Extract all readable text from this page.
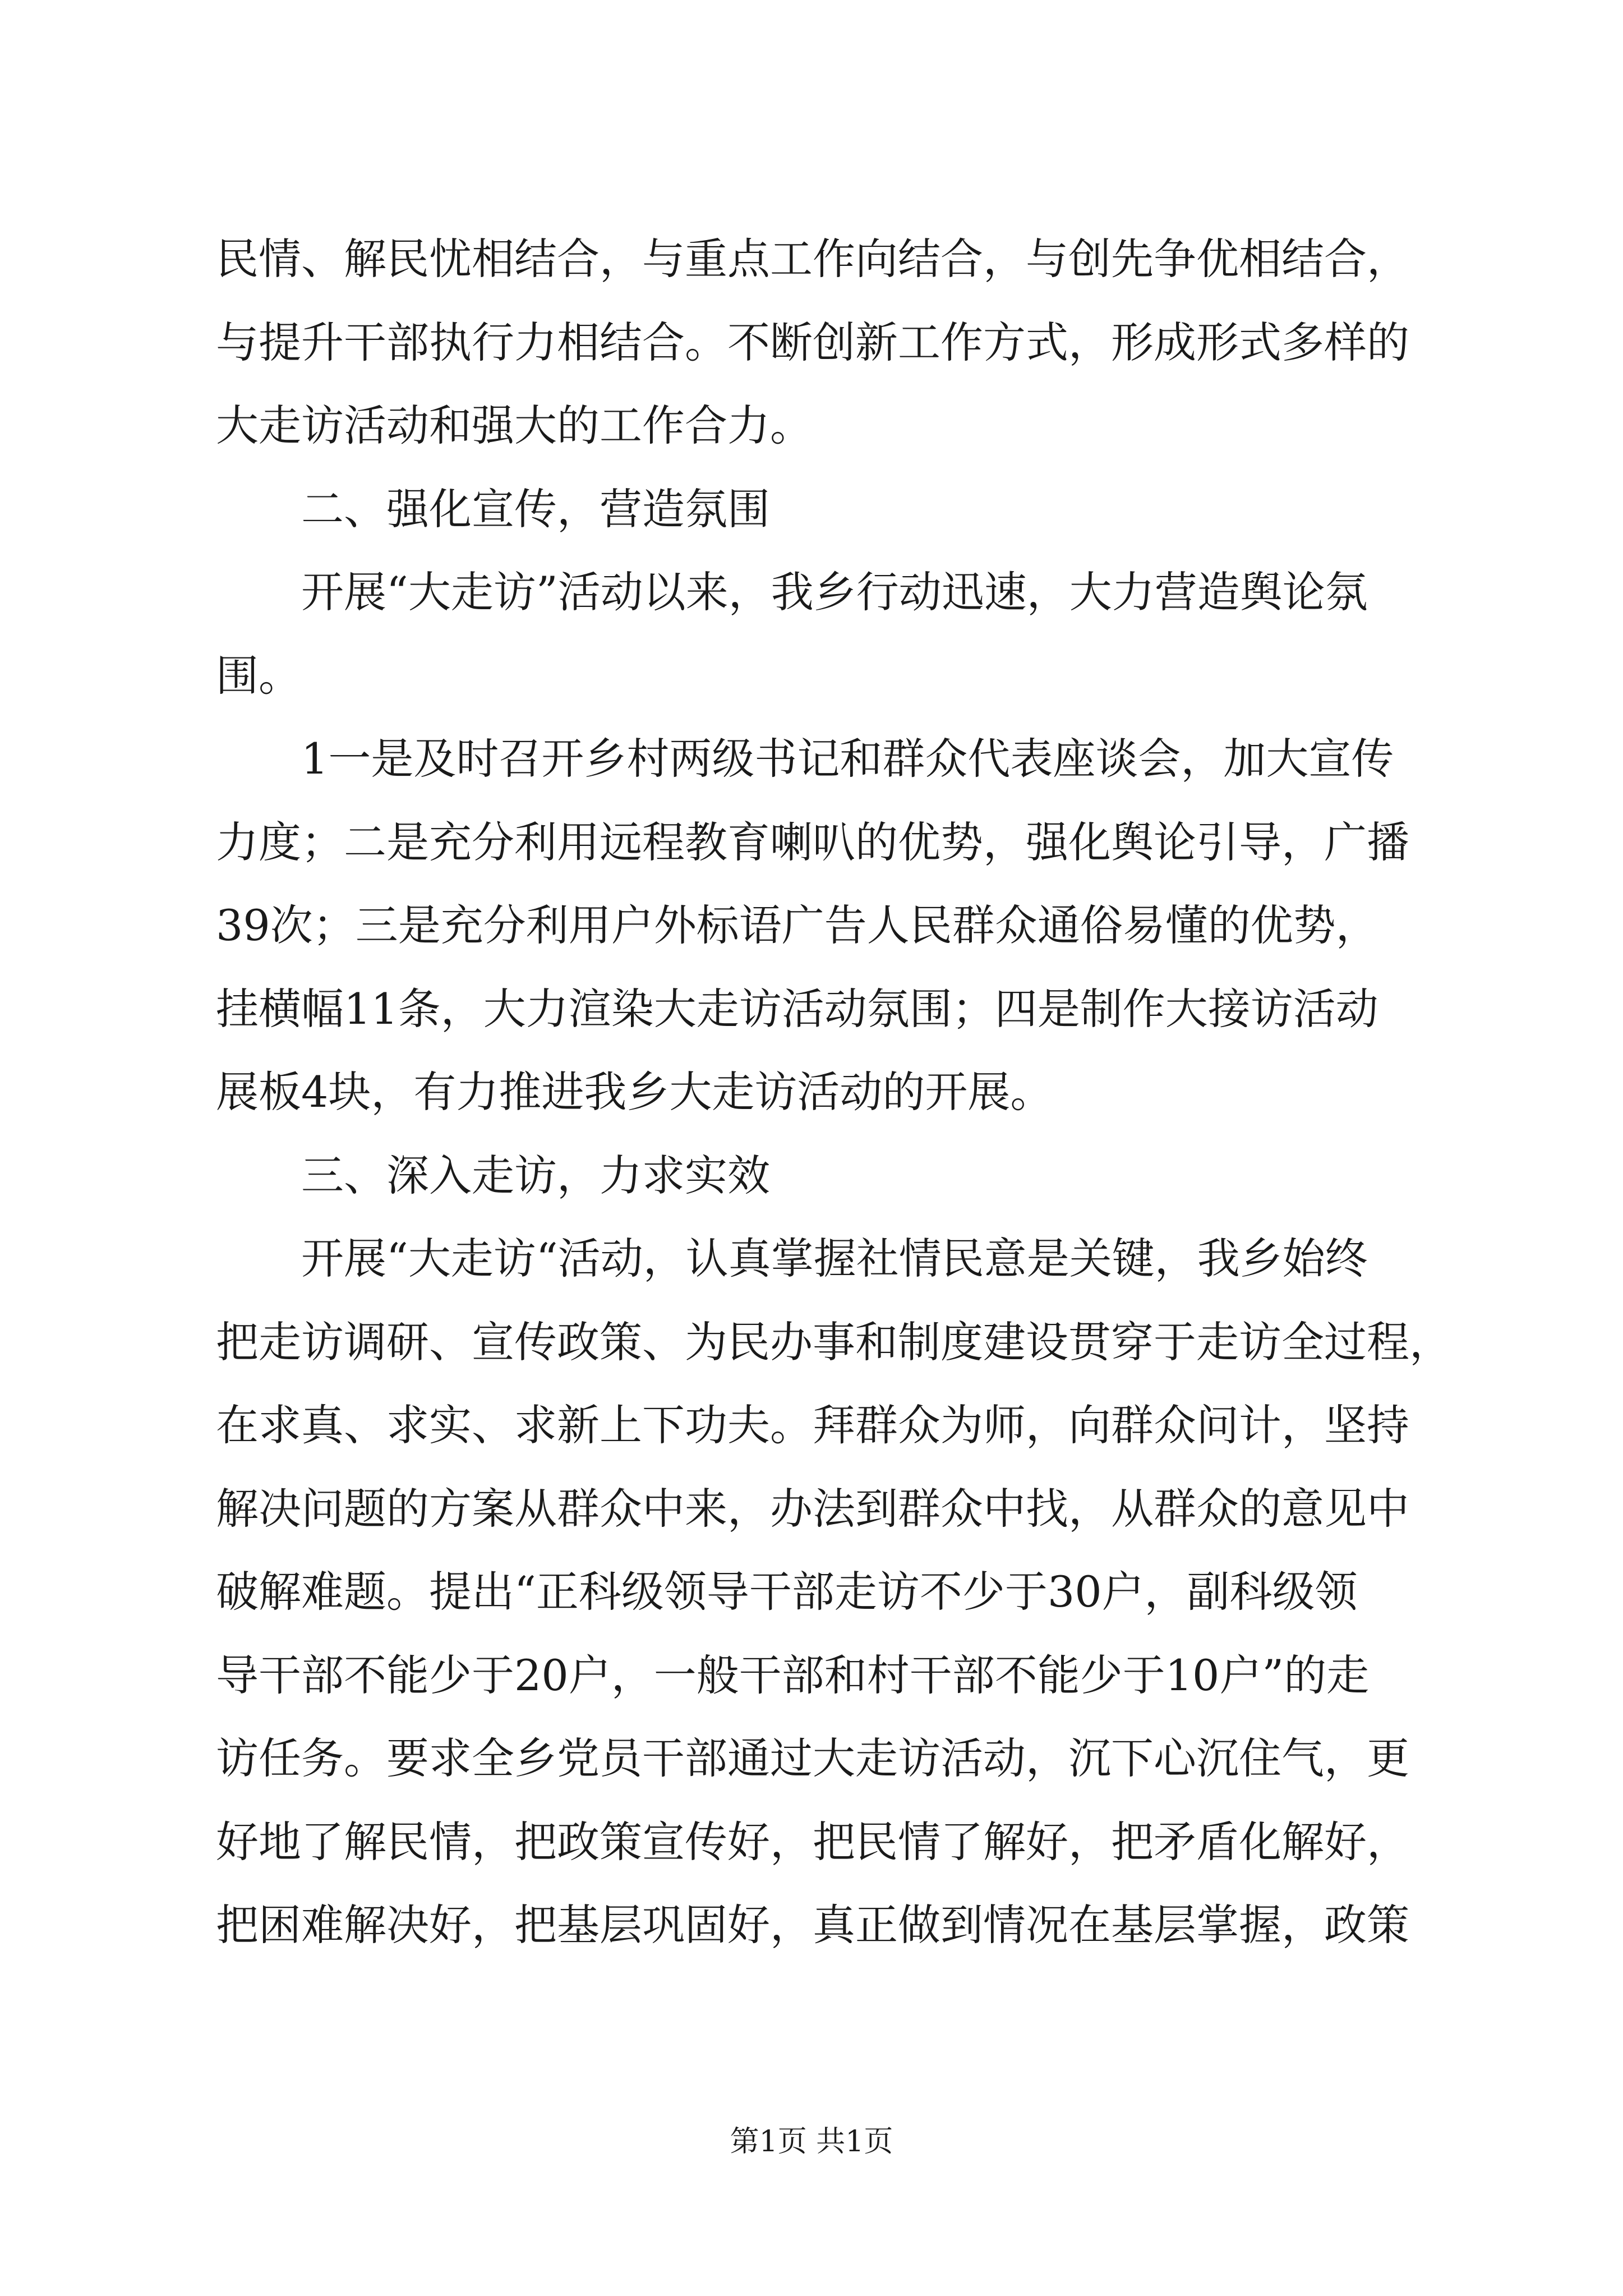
民情、解民忧相结合，与重点工作向结合，与创先争优相结合，
与提升干部执行力相结合。不断创新工作方式，形成形式多样的
大走访活动和强大的工作合力。
　　二、强化宣传，营造氛围
　　开展“大走访”活动以来，我乡行动迅速，大力营造舆论氛
围。
　　1一是及时召开乡村两级书记和群众代表座谈会，加大宣传
力度；二是充分利用远程教育喇叭的优势，强化舆论引导，广播
39次；三是充分利用户外标语广告人民群众通俗易懂的优势，
挂横幅11条，大力渲染大走访活动氛围；四是制作大接访活动
展板4块，有力推进我乡大走访活动的开展。
　　三、深入走访，力求实效
　　开展“大走访“活动，认真掌握社情民意是关键，我乡始终
把走访调研、宣传政策、为民办事和制度建设贯穿于走访全过程，
在求真、求实、求新上下功夫。拜群众为师，向群众问计，坚持
解决问题的方案从群众中来，办法到群众中找，从群众的意见中
破解难题。提出“正科级领导干部走访不少于30户，副科级领
导干部不能少于20户，一般干部和村干部不能少于10户”的走
访任务。要求全乡党员干部通过大走访活动，沉下心沉住气，更
好地了解民情，把政策宣传好，把民情了解好，把矛盾化解好，
把困难解决好，把基层巩固好，真正做到情况在基层掌握，政策
第1页 共1页
